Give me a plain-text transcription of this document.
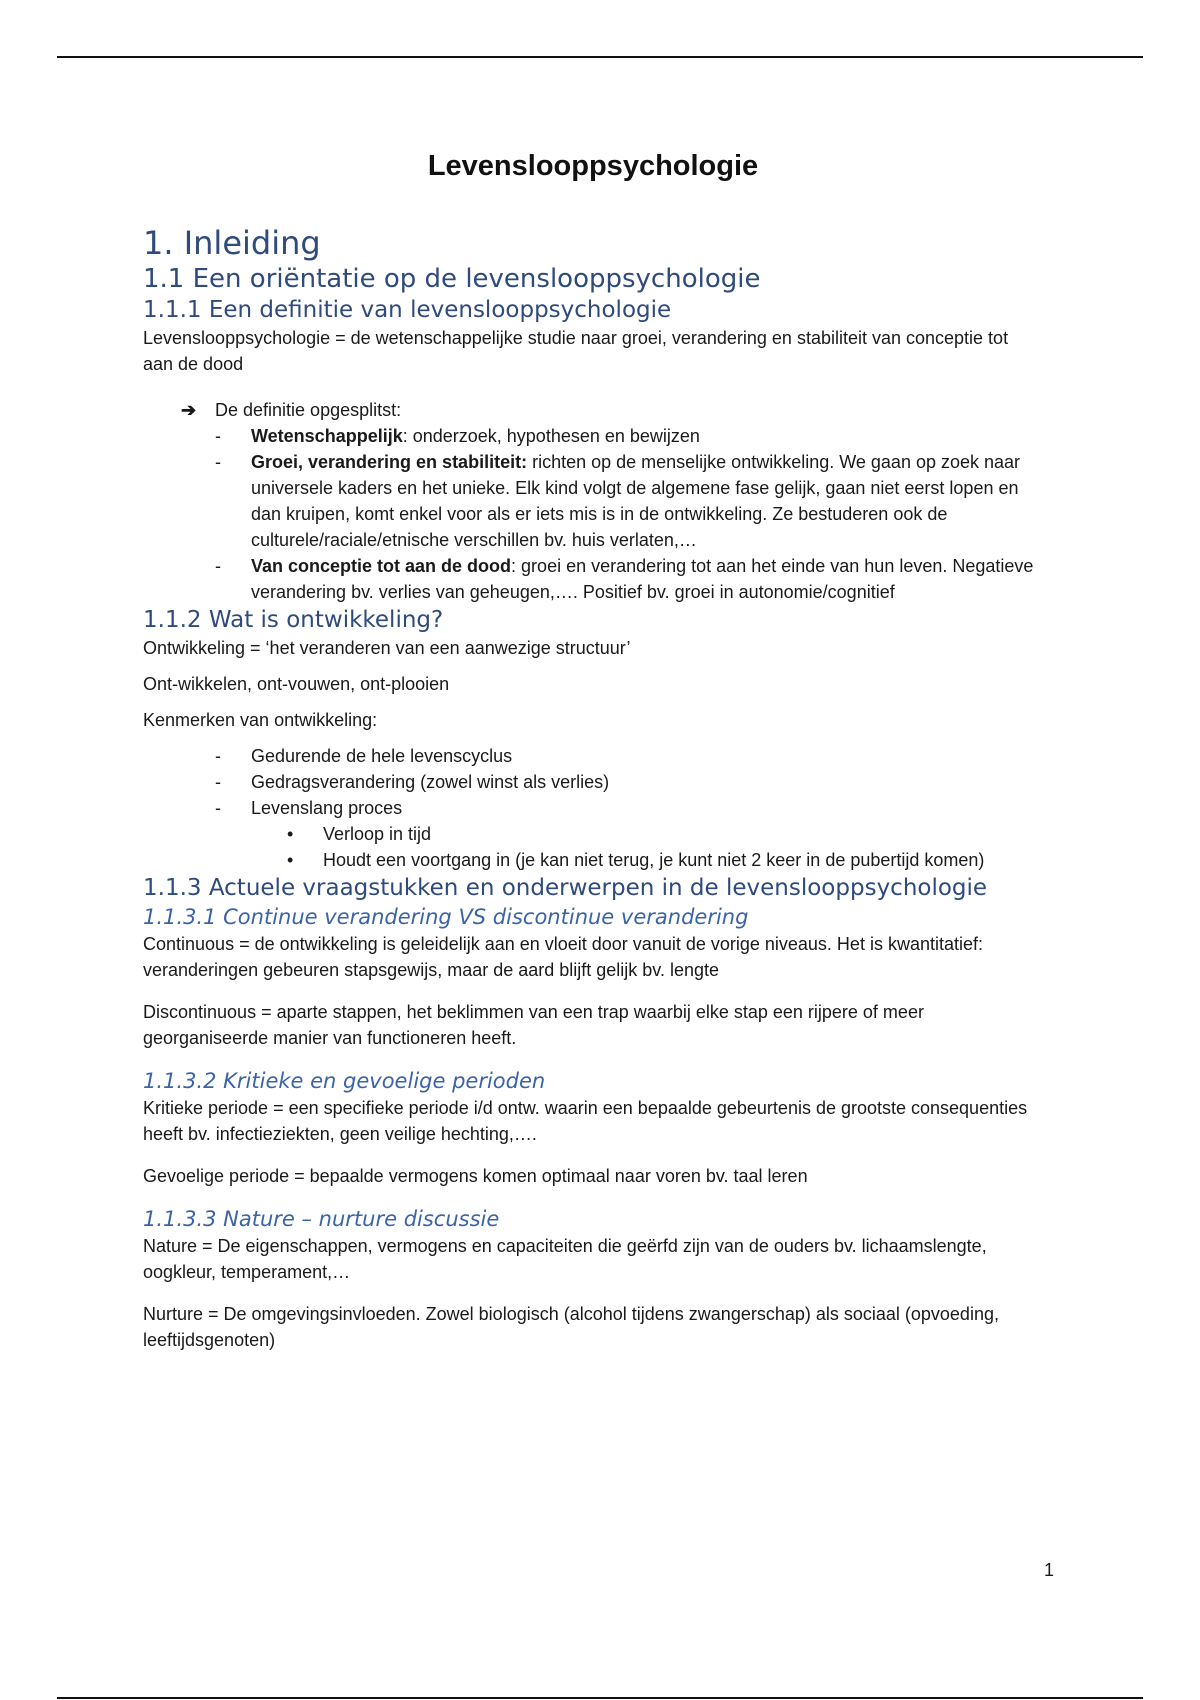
Levenslooppsychologie
1. Inleiding
1.1 Een oriëntatie op de levenslooppsychologie
1.1.1 Een definitie van levenslooppsychologie

Levenslooppsychologie = de wetenschappelijke studie naar groei, verandering en stabiliteit van conceptie tot aan de dood

➔ De definitie opgesplitst:
- Wetenschappelijk: onderzoek, hypothesen en bewijzen
- Groei, verandering en stabiliteit: richten op de menselijke ontwikkeling. We gaan op zoek naar universele kaders en het unieke. Elk kind volgt de algemene fase gelijk, gaan niet eerst lopen en dan kruipen, komt enkel voor als er iets mis is in de ontwikkeling. Ze bestuderen ook de culturele/raciale/etnische verschillen bv. huis verlaten,…
- Van conceptie tot aan de dood: groei en verandering tot aan het einde van hun leven. Negatieve verandering bv. verlies van geheugen,…. Positief bv. groei in autonomie/cognitief
1.1.2 Wat is ontwikkeling?

Ontwikkeling = ‘het veranderen van een aanwezige structuur’

Ont-wikkelen, ont-vouwen, ont-plooien

Kenmerken van ontwikkeling:

- Gedurende de hele levenscyclus
- Gedragsverandering (zowel winst als verlies)
- Levenslang proces
• Verloop in tijd
• Houdt een voortgang in (je kan niet terug, je kunt niet 2 keer in de pubertijd komen)
1.1.3 Actuele vraagstukken en onderwerpen in de levenslooppsychologie
1.1.3.1 Continue verandering VS discontinue verandering

Continuous = de ontwikkeling is geleidelijk aan en vloeit door vanuit de vorige niveaus. Het is kwantitatief: veranderingen gebeuren stapsgewijs, maar de aard blijft gelijk bv. lengte

Discontinuous = aparte stappen, het beklimmen van een trap waarbij elke stap een rijpere of meer georganiseerde manier van functioneren heeft.

1.1.3.2 Kritieke en gevoelige perioden

Kritieke periode = een specifieke periode i/d ontw. waarin een bepaalde gebeurtenis de grootste consequenties heeft bv. infectieziekten, geen veilige hechting,….

Gevoelige periode = bepaalde vermogens komen optimaal naar voren bv. taal leren

1.1.3.3 Nature – nurture discussie

Nature = De eigenschappen, vermogens en capaciteiten die geërfd zijn van de ouders bv. lichaamslengte, oogkleur, temperament,…

Nurture = De omgevingsinvloeden. Zowel biologisch (alcohol tijdens zwangerschap) als sociaal (opvoeding, leeftijdsgenoten)

1
